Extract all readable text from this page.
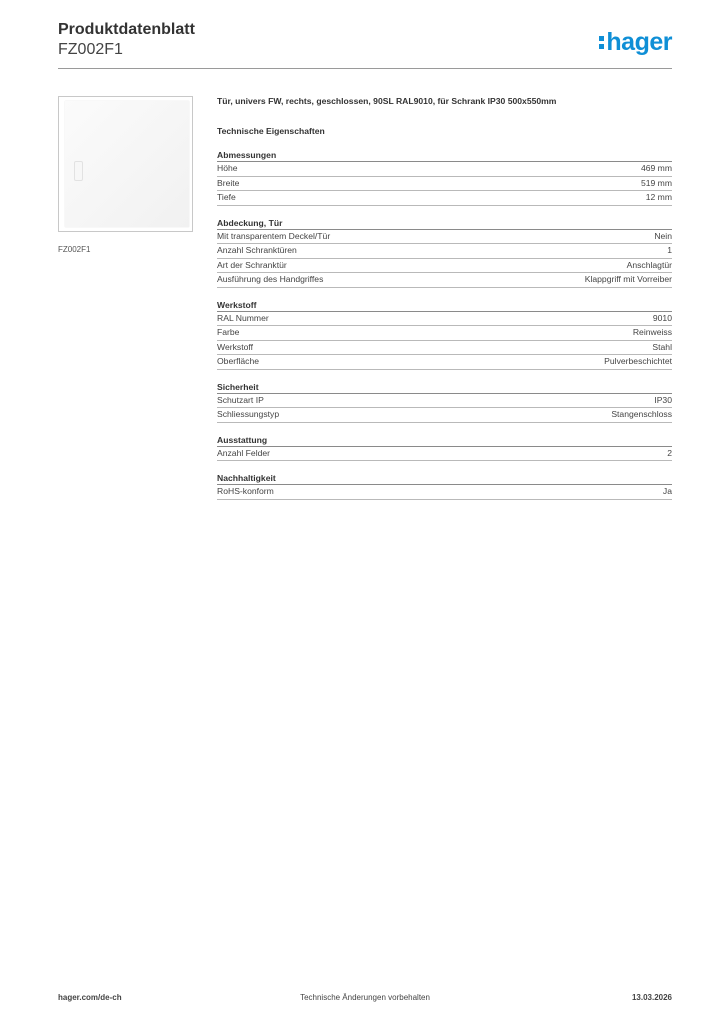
Produktdatenblatt
FZ002F1	hager
FZ002F1
Tür, univers FW, rechts, geschlossen, 90SL RAL9010, für Schrank IP30 500x550mm
Technische Eigenschaften
Abmessungen
Höhe	469 mm
Breite	519 mm
Tiefe	12 mm
Abdeckung, Tür
Mit transparentem Deckel/Tür	Nein
Anzahl Schranktüren	1
Art der Schranktür	Anschlagtür
Ausführung des Handgriffes	Klappgriff mit Vorreiber
Werkstoff
RAL Nummer	9010
Farbe	Reinweiss
Werkstoff	Stahl
Oberfläche	Pulverbeschichtet
Sicherheit
Schutzart IP	IP30
Schliessungstyp	Stangenschloss
Ausstattung
Anzahl Felder	2
Nachhaltigkeit
RoHS-konform	Ja
hager.com/de-ch	Technische Änderungen vorbehalten	13.03.2026
